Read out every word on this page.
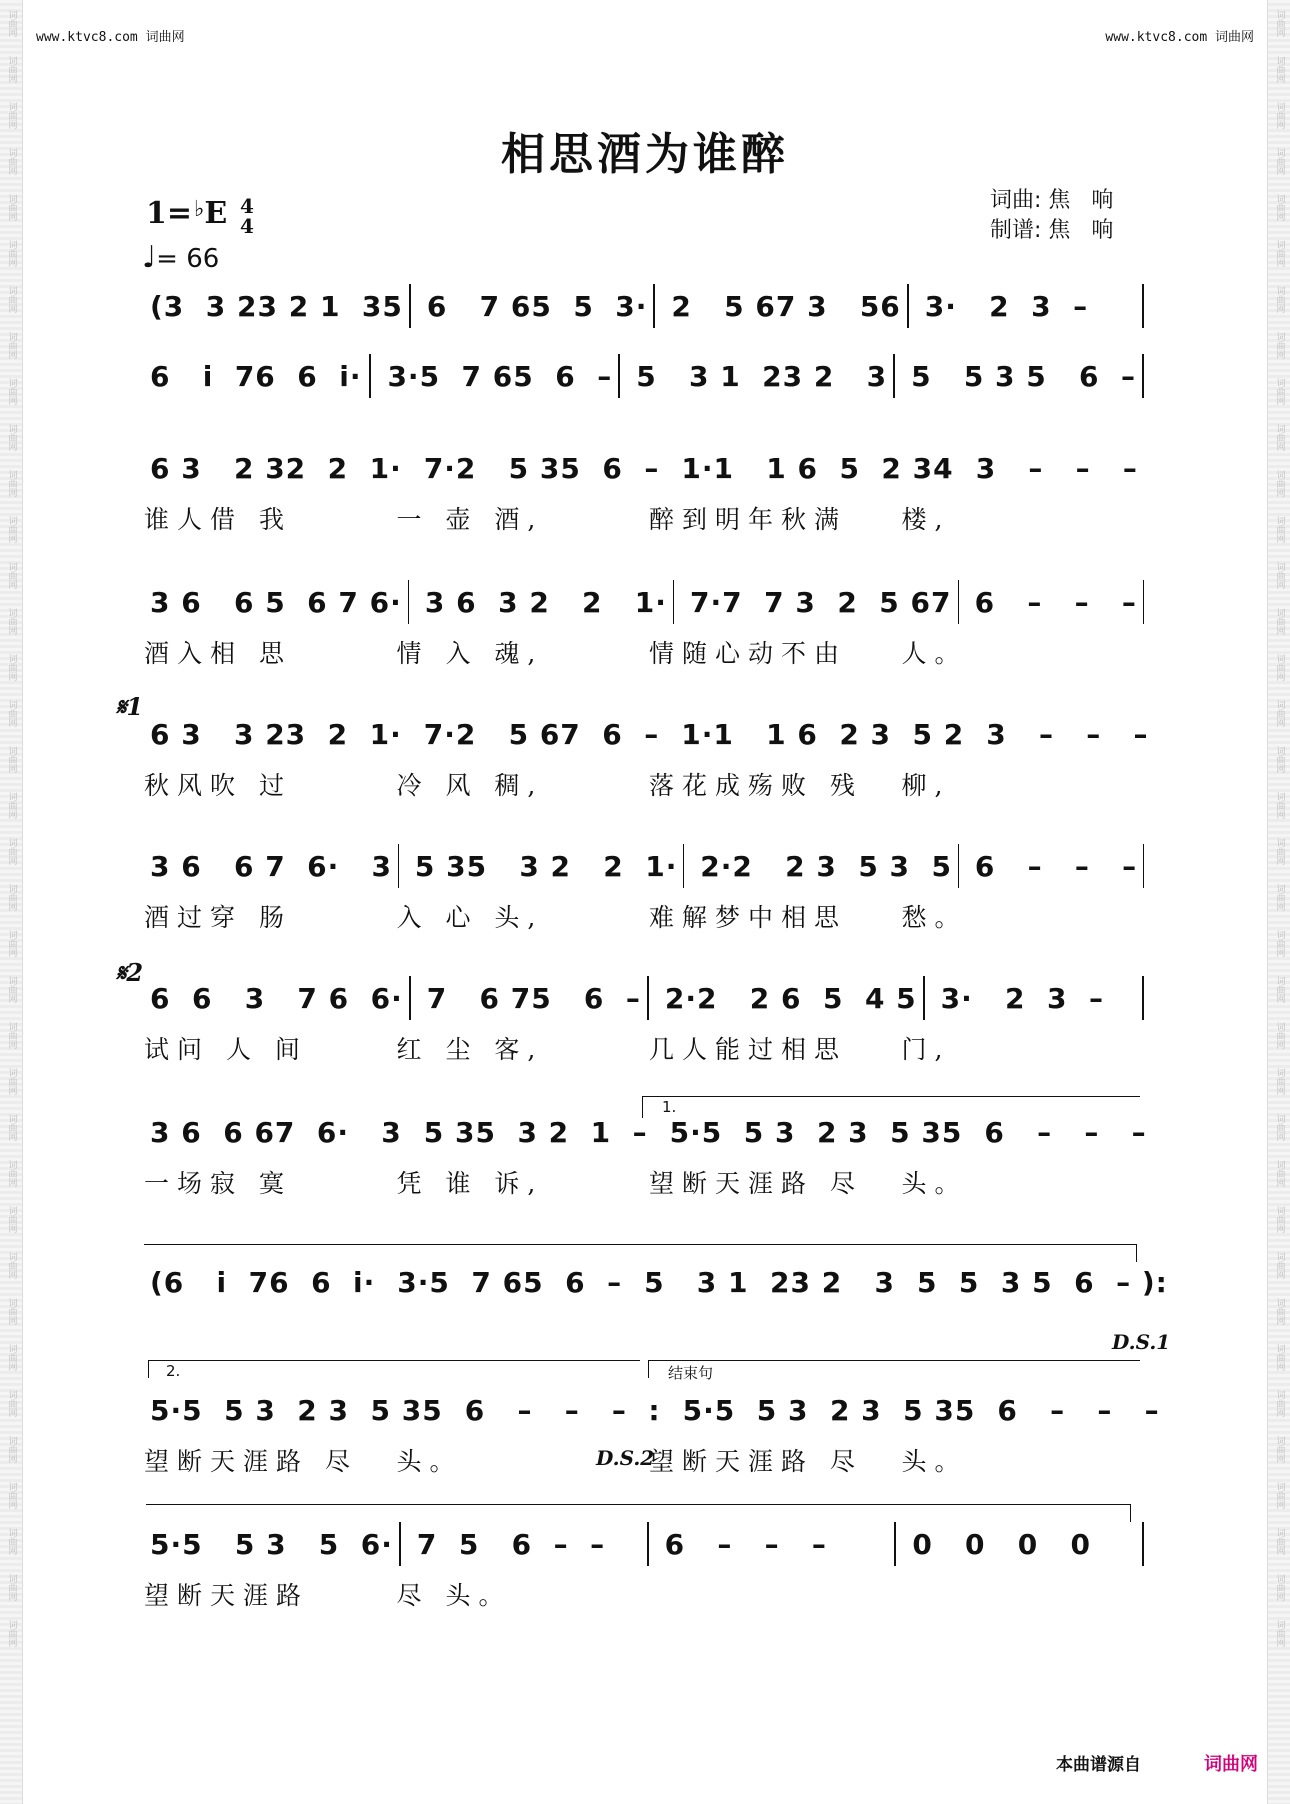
词曲网
词曲网
词曲网
词曲网
词曲网
词曲网
词曲网
词曲网
词曲网
词曲网
词曲网
词曲网
词曲网
词曲网
词曲网
词曲网
词曲网
词曲网
词曲网
词曲网
词曲网
词曲网
词曲网
词曲网
词曲网
词曲网
词曲网
词曲网
词曲网
词曲网
词曲网
词曲网
词曲网
词曲网
词曲网
词曲网
词曲网
词曲网
词曲网
词曲网
词曲网
词曲网
词曲网
词曲网
词曲网
词曲网
词曲网
词曲网
词曲网
词曲网
词曲网
词曲网
词曲网
词曲网
词曲网
词曲网
词曲网
词曲网
词曲网
词曲网
词曲网
词曲网
词曲网
词曲网
词曲网
词曲网
词曲网
词曲网
词曲网
词曲网
词曲网
词曲网
www.ktvc8.com 词曲网	www.ktvc8.com 词曲网
相思酒为谁醉
1=♭E 4
4
♩= 66
词曲: 焦   响
制谱: 焦   响
𝄋1
𝄋2
1.
2.	结束句
D.S.1
D.S.2
(3  3 23 2 1  35 6   7 65  5  3· 2   5 67 3   56 3·   2  3  –
6   i  76  6  i· 3·5  7 65  6  – 5   3 1  23 2   3 5   5 3 5   6  –
6 3   2 32  2  1· 7·2   5 35  6  – 1·1   1 6  5  2 34 3   –   –   –
谁人借 我	一 壶 酒,	醉到明年秋满	楼,
3 6   6 5  6 7 6· 3 6  3 2   2   1· 7·7  7 3  2  5 67 6   –   –   –
酒入相 思	情 入 魂,	情随心动不由	人。
6 3   3 23  2  1· 7·2   5 67  6  – 1·1   1 6  2 3  5 2 3   –   –   –
秋风吹 过	冷 风 稠,	落花成殇败 残	柳,
3 6   6 7  6·   3 5 35   3 2   2  1· 2·2   2 3  5 3  5 6   –   –   –
酒过穿 肠	入 心 头,	难解梦中相思	愁。
6  6   3   7 6  6· 7   6 75   6  – 2·2   2 6  5  4 5 3·   2  3  –
试问 人 间	红 尘 客,	几人能过相思	门,
3 6  6 67  6·   3 5 35  3 2  1  – 5·5  5 3  2 3  5 35 6   –   –   –
一场寂 寞	凭 谁 诉,	望断天涯路 尽	头。
(6   i  76  6  i· 3·5  7 65  6  – 5   3 1  23 2   3 5  5  3 5  6  – ):
5·5  5 3  2 3  5 35 6   –   –   –  : 5·5  5 3  2 3  5 35 6   –   –   –
望断天涯路 尽	头。	望断天涯路 尽	头。
5·5   5 3   5  6· 7  5   6  –  –	6   –   –   –	0   0   0   0
望断天涯路	尽 头。
本曲谱源自	词曲网
